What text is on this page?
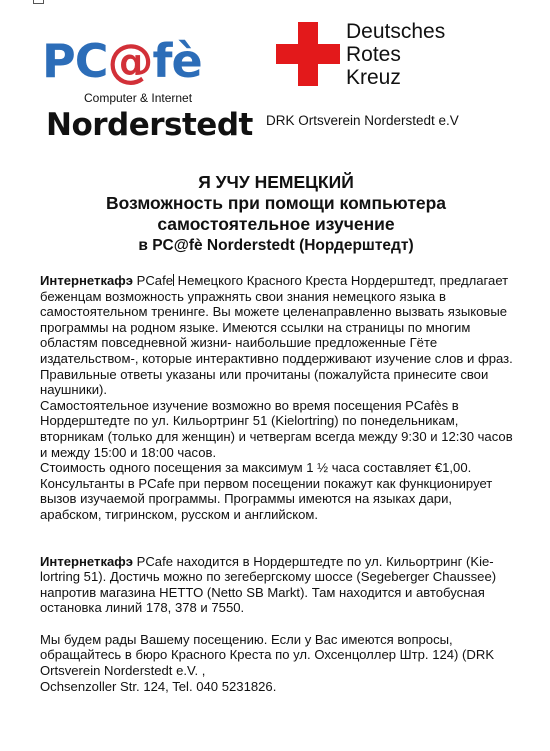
PC@fè
Computer & Internet
Norderstedt
Deutsches
Rotes
Kreuz
DRK Ortsverein Norderstedt e.V
Я УЧУ НЕМЕЦКИЙ
Возможность при помощи компьютера
самостоятельное изучение
в PC@fè Norderstedt (Нордерштедт)

Интернеткафэ PCafe Немецкого Красного Креста Нордерштедт, предлагает беженцам возможность упражнять свои знания немецкого языка в самостоятельном тренинге. Вы можете целенаправленно вызвать языковые программы на родном языке. Имеются ссылки на страницы по многим областям повседневной жизни- наибольшие предложенные Гёте издательством-, которые интерактивно поддерживают изучение слов и фраз. Правильные ответы указаны или прочитаны (пожалуйста принесите свои наушники).

Самостоятельное изучение возможно во время посещения PCafès в Нордерштедте по ул. Кильортринг 51 (Kielortring) по понедельникам, вторникам (только для женщин) и четвергам всегда между 9:30 и 12:30 часов и между 15:00 и 18:00 часов.

Стоимость одного посещения за максимум 1 ½ часа составляет €1,00.

Консультанты в PCafe при первом посещении покажут как функционирует вызов изучаемой программы. Программы имеются на языках дари, арабском, тигринском, русском и английском.

Интернеткафэ PCafe находится в Нордерштедте по ул. Кильортринг (Kie-lortring 51). Достичь можно по зегебергскому шоссе (Segeberger Chaussee) напротив магазина HETTO (Netto SB Markt). Там находится и автобусная остановка линий 178, 378 и 7550.

Мы будем рады Вашему посещению. Если у Вас имеются вопросы, обращайтесь в бюро Красного Креста по ул. Охсенцоллер Штр. 124) (DRK Ortsverein Norderstedt e.V. ,

Ochsenzoller Str. 124, Tel. 040 5231826.
